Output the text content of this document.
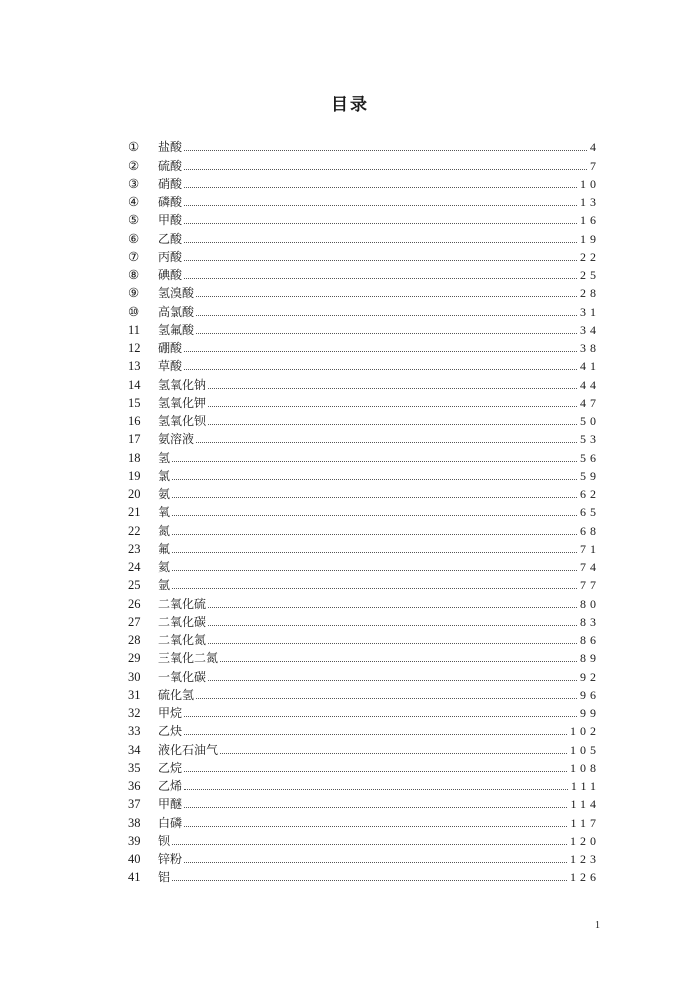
目录
①	盐酸	4
②	硫酸	7
③	硝酸	10
④	磷酸	13
⑤	甲酸	16
⑥	乙酸	19
⑦	丙酸	22
⑧	碘酸	25
⑨	氢溴酸	28
⑩	高氯酸	31
11	氢氟酸	34
12	硼酸	38
13	草酸	41
14	氢氧化钠	44
15	氢氧化钾	47
16	氢氧化钡	50
17	氨溶液	53
18	氢	56
19	氯	59
20	氨	62
21	氧	65
22	氮	68
23	氟	71
24	氦	74
25	氩	77
26	二氧化硫	80
27	二氧化碳	83
28	二氧化氮	86
29	三氧化二氮	89
30	一氧化碳	92
31	硫化氢	96
32	甲烷	99
33	乙炔	102
34	液化石油气	105
35	乙烷	108
36	乙烯	111
37	甲醚	114
38	白磷	117
39	钡	120
40	锌粉	123
41	铝	126
1
